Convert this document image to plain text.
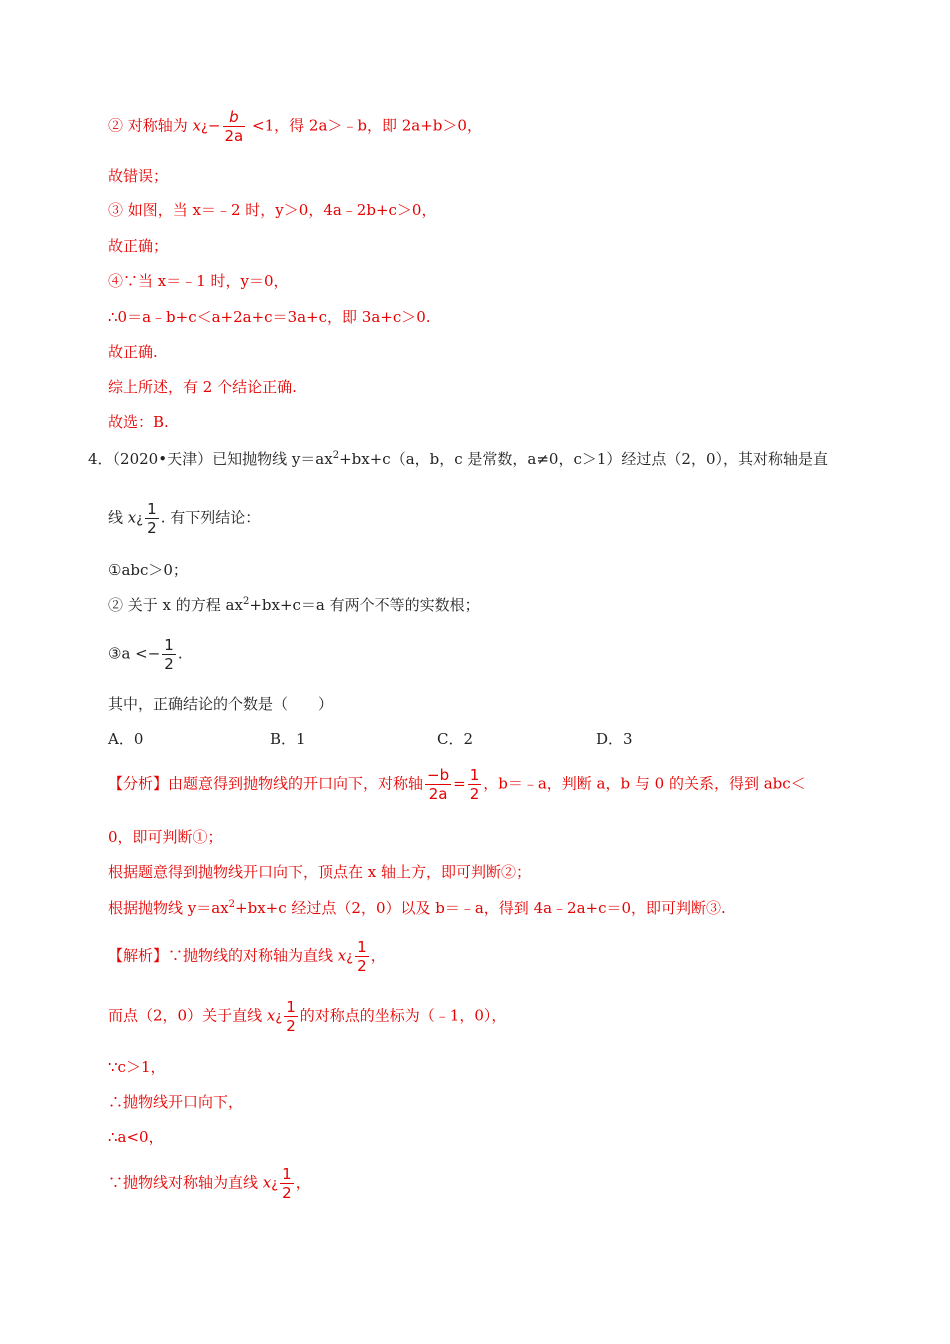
② 对称轴为 x¿− $\frac{b}{2a} <1$，得 2a＞﹣b，即 2a+b＞0，
故错误；
③ 如图，当 x＝﹣2 时，y＞0，4a﹣2b+c＞0，
故正确；
④∵当 x＝﹣1 时，y＝0，
∴0＝a﹣b+c＜a+2a+c＝3a+c，即 3a+c＞0.
故正确.
综上所述，有 2 个结论正确.
故选：B.
4．（2020•天津）已知抛物线 $y=ax^2+bx+c(a$，b，c 是常数，a≠0，c＞1）经过点（2，0），其对称轴是直
线 x¿ $\frac{1}{2}$ . 有下列结论：
①abc＞0；
② 关于 x 的方程 $ax^2+bx+c=a$ 有两个不等的实数根；
③a <− $\frac{1}{2}$ .
其中，正确结论的个数是（　　）
A．0	B．1	C．2	D．3
【分析】由题意得到抛物线的开口向下，对称轴 $\frac{-b}{2a} = \frac{1}{2}$ ，b＝﹣a，判断 a，b 与 0 的关系，得到 abc＜
0，即可判断①；
根据题意得到抛物线开口向下，顶点在 x 轴上方，即可判断②；
根据抛物线 $y=ax^2+bx+c$ 经过点（2，0）以及 b＝﹣a，得到 4a﹣2a+c＝0，即可判断③.
【解析】∵抛物线的对称轴为直线 x¿ $\frac{1}{2}$ ，
而点（2，0）关于直线 x¿ $\frac{1}{2}$ 的对称点的坐标为（﹣1，0），
∵c＞1，
∴抛物线开口向下，
∴a<0，
∵抛物线对称轴为直线 x¿ $\frac{1}{2}$ ，
